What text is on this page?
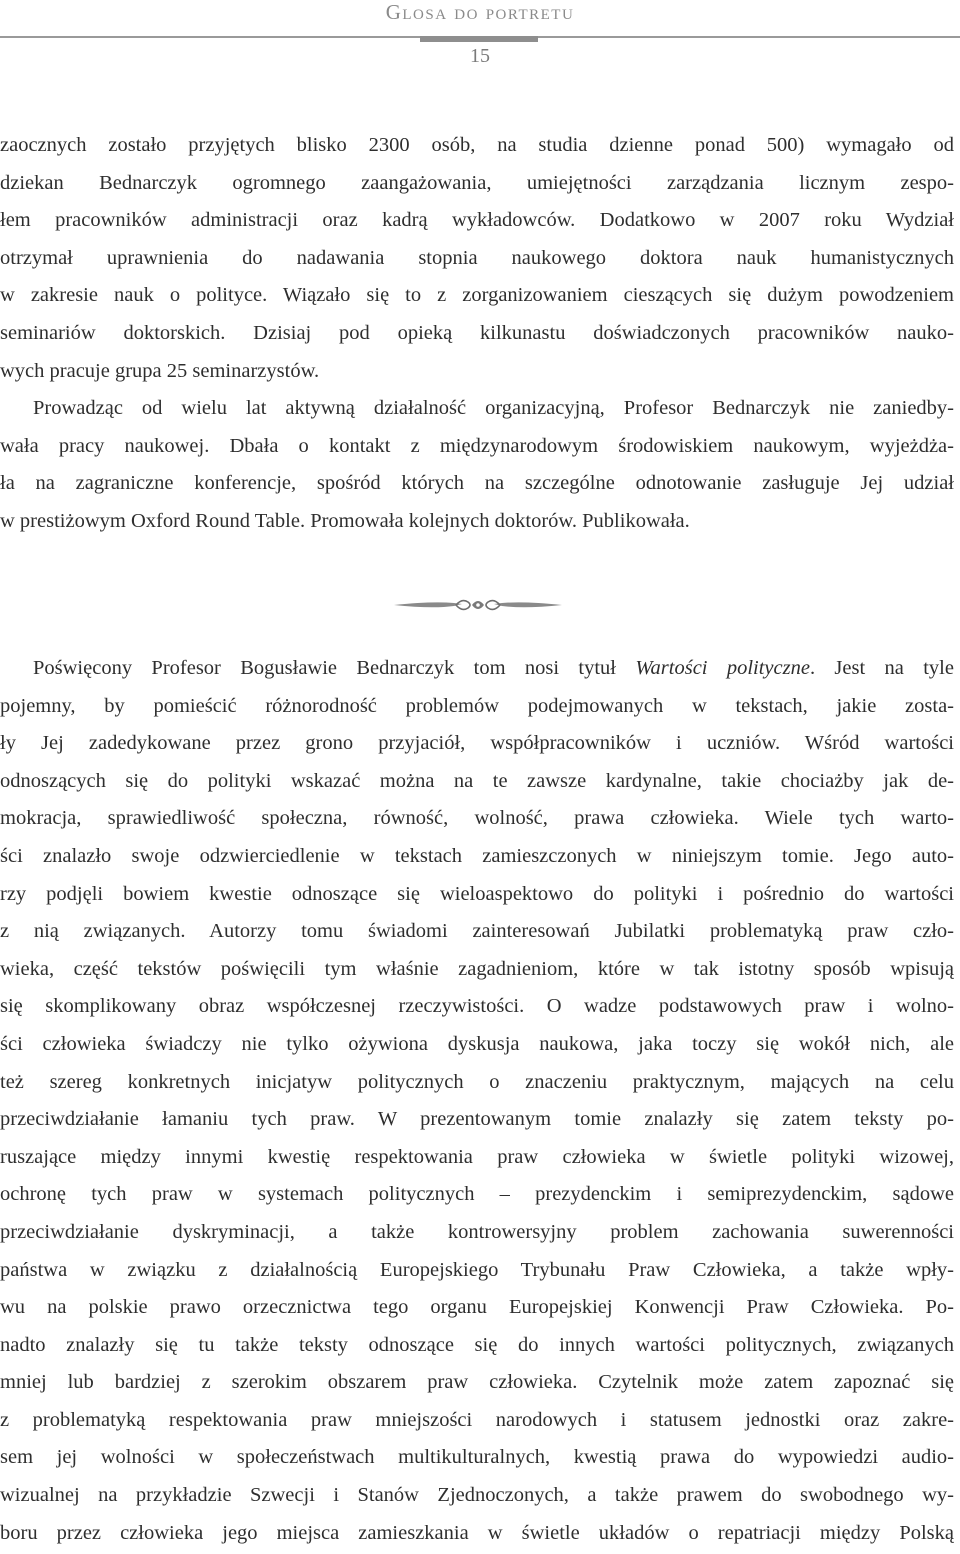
Glosa do portretu
15
zaocznych zostało przyjętych blisko 2300 osób, na studia dzienne ponad 500) wymagało od
dziekan Bednarczyk ogromnego zaangażowania, umiejętności zarządzania licznym zespo-
łem pracowników administracji oraz kadrą wykładowców. Dodatkowo w 2007 roku Wydział
otrzymał uprawnienia do nadawania stopnia naukowego doktora nauk humanistycznych
w zakresie nauk o polityce. Wiązało się to z zorganizowaniem cieszących się dużym powodzeniem
seminariów doktorskich. Dzisiaj pod opieką kilkunastu doświadczonych pracowników nauko-
wych pracuje grupa 25 seminarzystów.
Prowadząc od wielu lat aktywną działalność organizacyjną, Profesor Bednarczyk nie zaniedby-
wała pracy naukowej. Dbała o kontakt z międzynarodowym środowiskiem naukowym, wyjeżdża-
ła na zagraniczne konferencje, spośród których na szczególne odnotowanie zasługuje Jej udział
w prestiżowym Oxford Round Table. Promowała kolejnych doktorów. Publikowała.
Poświęcony Profesor Bogusławie Bednarczyk tom nosi tytuł Wartości polityczne. Jest na tyle
pojemny, by pomieścić różnorodność problemów podejmowanych w tekstach, jakie zosta-
ły Jej zadedykowane przez grono przyjaciół, współpracowników i uczniów. Wśród wartości
odnoszących się do polityki wskazać można na te zawsze kardynalne, takie chociażby jak de-
mokracja, sprawiedliwość społeczna, równość, wolność, prawa człowieka. Wiele tych warto-
ści znalazło swoje odzwierciedlenie w tekstach zamieszczonych w niniejszym tomie. Jego auto-
rzy podjęli bowiem kwestie odnoszące się wieloaspektowo do polityki i pośrednio do wartości
z nią związanych. Autorzy tomu świadomi zainteresowań Jubilatki problematyką praw czło-
wieka, część tekstów poświęcili tym właśnie zagadnieniom, które w tak istotny sposób wpisują
się skomplikowany obraz współczesnej rzeczywistości. O wadze podstawowych praw i wolno-
ści człowieka świadczy nie tylko ożywiona dyskusja naukowa, jaka toczy się wokół nich, ale
też szereg konkretnych inicjatyw politycznych o znaczeniu praktycznym, mających na celu
przeciwdziałanie łamaniu tych praw. W prezentowanym tomie znalazły się zatem teksty po-
ruszające między innymi kwestię respektowania praw człowieka w świetle polityki wizowej,
ochronę tych praw w systemach politycznych – prezydenckim i semiprezydenckim, sądowe
przeciwdziałanie dyskryminacji, a także kontrowersyjny problem zachowania suwerenności
państwa w związku z działalnością Europejskiego Trybunału Praw Człowieka, a także wpły-
wu na polskie prawo orzecznictwa tego organu Europejskiej Konwencji Praw Człowieka. Po-
nadto znalazły się tu także teksty odnoszące się do innych wartości politycznych, związanych
mniej lub bardziej z szerokim obszarem praw człowieka. Czytelnik może zatem zapoznać się
z problematyką respektowania praw mniejszości narodowych i statusem jednostki oraz zakre-
sem jej wolności w społeczeństwach multikulturalnych, kwestią prawa do wypowiedzi audio-
wizualnej na przykładzie Szwecji i Stanów Zjednoczonych, a także prawem do swobodnego wy-
boru przez człowieka jego miejsca zamieszkania w świetle układów o repatriacji między Polską
